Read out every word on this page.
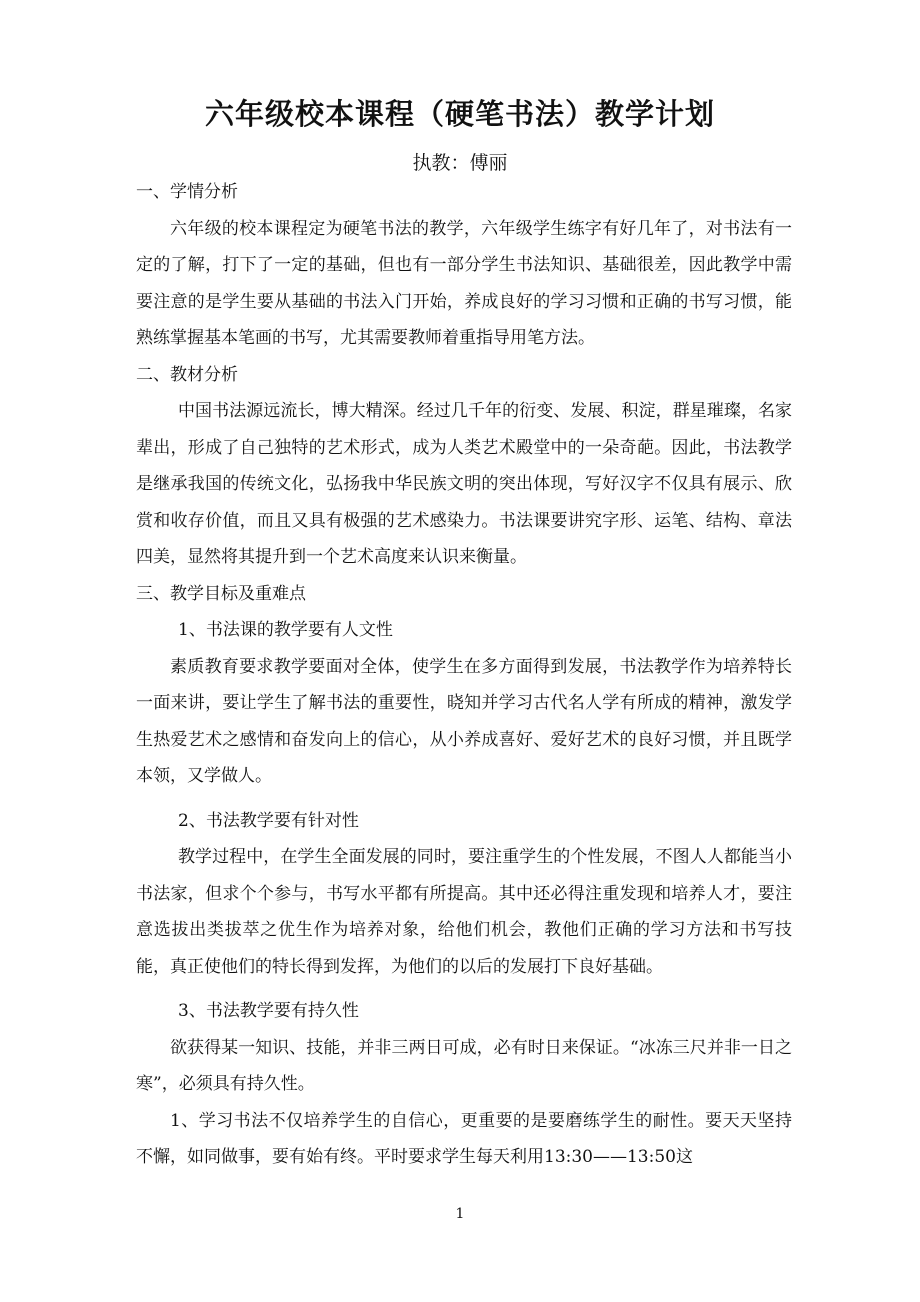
六年级校本课程（硬笔书法）教学计划

执教：傅丽

一、学情分析

六年级的校本课程定为硬笔书法的教学，六年级学生练字有好几年了，对书法有一定的了解，打下了一定的基础，但也有一部分学生书法知识、基础很差，因此教学中需要注意的是学生要从基础的书法入门开始，养成良好的学习习惯和正确的书写习惯，能熟练掌握基本笔画的书写，尤其需要教师着重指导用笔方法。

二、教材分析

中国书法源远流长，博大精深。经过几千年的衍变、发展、积淀，群星璀璨，名家辈出，形成了自己独特的艺术形式，成为人类艺术殿堂中的一朵奇葩。因此，书法教学是继承我国的传统文化，弘扬我中华民族文明的突出体现，写好汉字不仅具有展示、欣赏和收存价值，而且又具有极强的艺术感染力。书法课要讲究字形、运笔、结构、章法四美，显然将其提升到一个艺术高度来认识来衡量。

三、教学目标及重难点

1、书法课的教学要有人文性

素质教育要求教学要面对全体，使学生在多方面得到发展，书法教学作为培养特长一面来讲，要让学生了解书法的重要性，晓知并学习古代名人学有所成的精神，激发学生热爱艺术之感情和奋发向上的信心，从小养成喜好、爱好艺术的良好习惯，并且既学本领，又学做人。

2、书法教学要有针对性

教学过程中，在学生全面发展的同时，要注重学生的个性发展，不图人人都能当小书法家，但求个个参与，书写水平都有所提高。其中还必得注重发现和培养人才，要注意选拔出类拔萃之优生作为培养对象，给他们机会，教他们正确的学习方法和书写技能，真正使他们的特长得到发挥，为他们的以后的发展打下良好基础。

3、书法教学要有持久性

欲获得某一知识、技能，并非三两日可成，必有时日来保证。“冰冻三尺并非一日之寒”，必须具有持久性。

1、学习书法不仅培养学生的自信心，更重要的是要磨练学生的耐性。要天天坚持不懈，如同做事，要有始有终。平时要求学生每天利用13:30——13:50这

1
